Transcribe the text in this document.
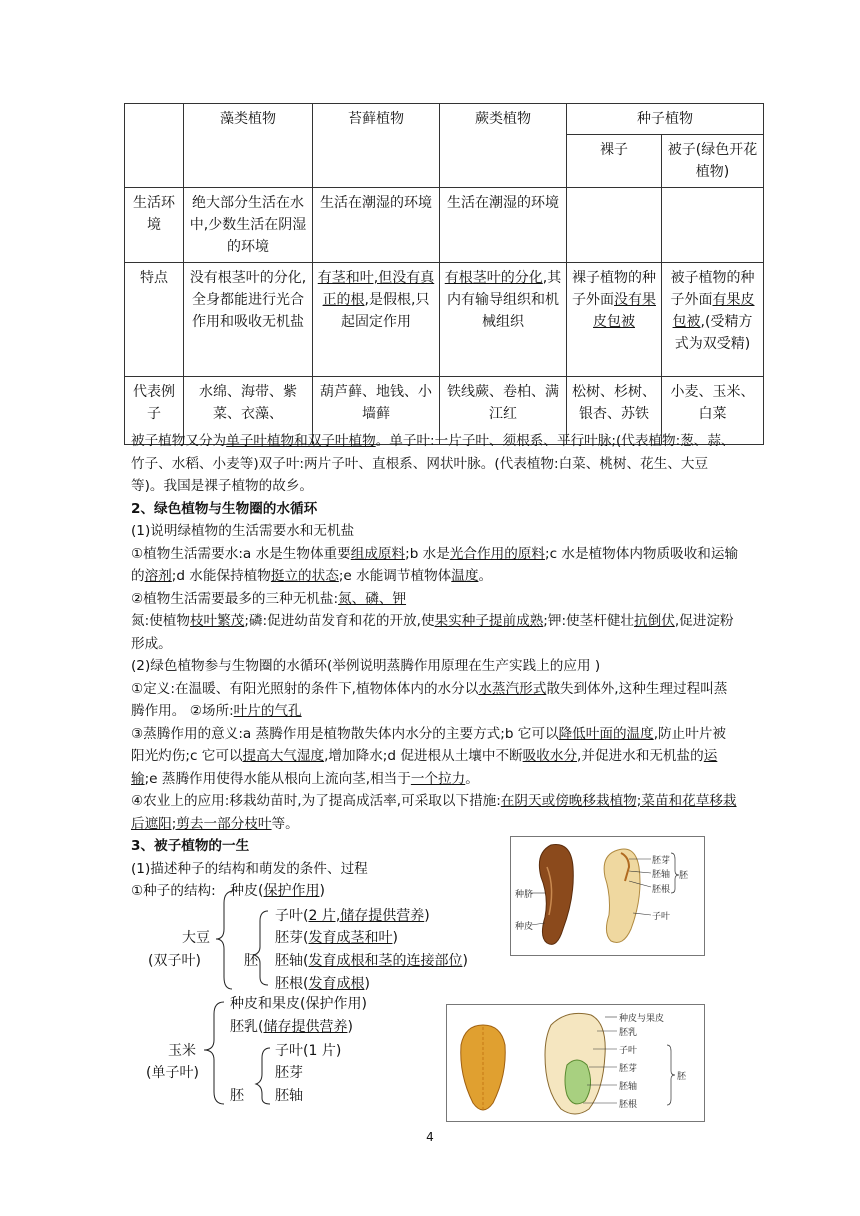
	藻类植物	苔藓植物	蕨类植物	种子植物	
				裸子	被子(绿色开花植物)
生活环境	绝大部分生活在水中,少数生活在阴湿的环境	生活在潮湿的环境	生活在潮湿的环境		
特点	没有根茎叶的分化,全身都能进行光合作用和吸收无机盐	有茎和叶,但没有真正的根,是假根,只起固定作用	有根茎叶的分化,其内有输导组织和机械组织	裸子植物的种子外面没有果皮包被	被子植物的种子外面有果皮包被,(受精方式为双受精)
代表例子	水绵、海带、紫菜、衣藻、	葫芦藓、地钱、小墙藓	铁线蕨、卷柏、满江红	松树、杉树、银杏、苏铁	小麦、玉米、白菜

被子植物又分为单子叶植物和双子叶植物。单子叶:一片子叶、须根系、平行叶脉;(代表植物:葱、蒜、竹子、水稻、小麦等)双子叶:两片子叶、直根系、网状叶脉。(代表植物:白菜、桃树、花生、大豆等)。我国是裸子植物的故乡。

2、绿色植物与生物圈的水循环

(1)说明绿植物的生活需要水和无机盐

①植物生活需要水:a 水是生物体重要组成原料;b 水是光合作用的原料;c 水是植物体内物质吸收和运输的溶剂;d 水能保持植物挺立的状态;e 水能调节植物体温度。

②植物生活需要最多的三种无机盐:氮、磷、钾

氮:使植物枝叶繁茂;磷:促进幼苗发育和花的开放,使果实种子提前成熟;钾:使茎杆健壮抗倒伏,促进淀粉形成。

(2)绿色植物参与生物圈的水循环(举例说明蒸腾作用原理在生产实践上的应用 )

①定义:在温暖、有阳光照射的条件下,植物体体内的水分以水蒸汽形式散失到体外,这种生理过程叫蒸腾作用。 ②场所:叶片的气孔

③蒸腾作用的意义:a 蒸腾作用是植物散失体内水分的主要方式;b 它可以降低叶面的温度,防止叶片被阳光灼伤;c 它可以提高大气湿度,增加降水;d 促进根从土壤中不断吸收水分,并促进水和无机盐的运输;e 蒸腾作用使得水能从根向上流向茎,相当于一个拉力。

④农业上的应用:移栽幼苗时,为了提高成活率,可采取以下措施:在阴天或傍晚移栽植物;菜苗和花草移栽后遮阳;剪去一部分枝叶等。

3、被子植物的一生

(1)描述种子的结构和萌发的条件、过程

①种子的结构:	种皮(保护作用)
大豆
(双子叶)	胚
子叶(2 片,储存提供营养)
胚芽(发育成茎和叶)
胚轴(发育成根和茎的连接部位)
胚根(发育成根)
种皮和果皮(保护作用)
胚乳(储存提供营养)
玉米
(单子叶)
胚
子叶(1 片)
胚芽
胚轴
种脐
种皮
胚芽
胚轴
胚根
子叶
胚
种皮与果皮
胚乳
子叶
胚芽
胚轴
胚根
胚
4
